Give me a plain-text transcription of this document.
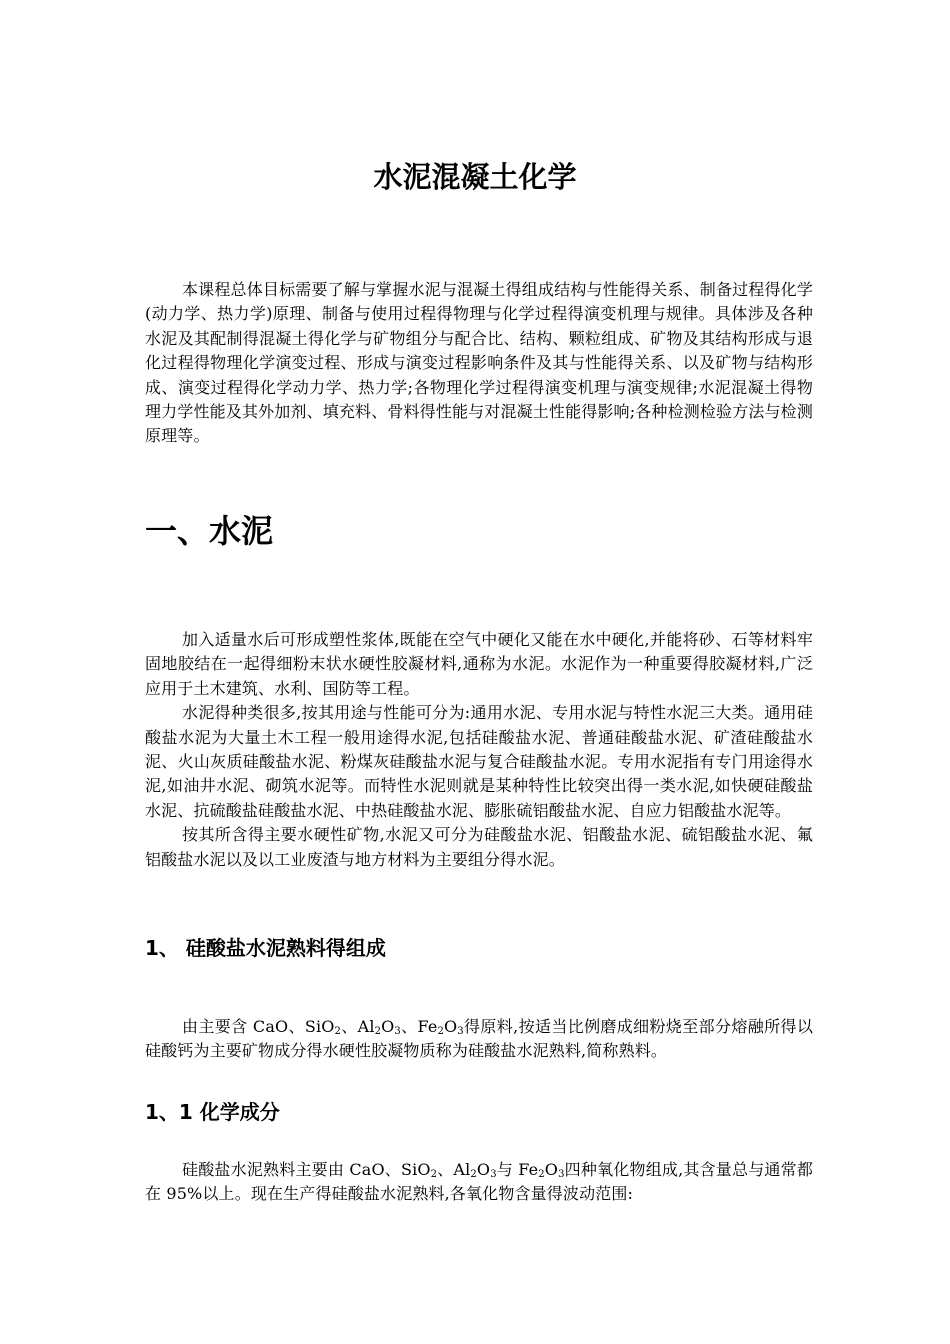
水泥混凝土化学

本课程总体目标需要了解与掌握水泥与混凝土得组成结构与性能得关系、制备过程得化学(动力学、热力学)原理、制备与使用过程得物理与化学过程得演变机理与规律。具体涉及各种水泥及其配制得混凝土得化学与矿物组分与配合比、结构、颗粒组成、矿物及其结构形成与退化过程得物理化学演变过程、形成与演变过程影响条件及其与性能得关系、以及矿物与结构形成、演变过程得化学动力学、热力学;各物理化学过程得演变机理与演变规律;水泥混凝土得物理力学性能及其外加剂、填充料、骨料得性能与对混凝土性能得影响;各种检测检验方法与检测原理等。

一、水泥
加入适量水后可形成塑性浆体,既能在空气中硬化又能在水中硬化,并能将砂、石等材料牢固地胶结在一起得细粉末状水硬性胶凝材料,通称为水泥。水泥作为一种重要得胶凝材料,广泛应用于土木建筑、水利、国防等工程。
水泥得种类很多,按其用途与性能可分为:通用水泥、专用水泥与特性水泥三大类。通用硅酸盐水泥为大量土木工程一般用途得水泥,包括硅酸盐水泥、普通硅酸盐水泥、矿渣硅酸盐水泥、火山灰质硅酸盐水泥、粉煤灰硅酸盐水泥与复合硅酸盐水泥。专用水泥指有专门用途得水泥,如油井水泥、砌筑水泥等。而特性水泥则就是某种特性比较突出得一类水泥,如快硬硅酸盐水泥、抗硫酸盐硅酸盐水泥、中热硅酸盐水泥、膨胀硫铝酸盐水泥、自应力铝酸盐水泥等。
按其所含得主要水硬性矿物,水泥又可分为硅酸盐水泥、铝酸盐水泥、硫铝酸盐水泥、氟铝酸盐水泥以及以工业废渣与地方材料为主要组分得水泥。
1、 硅酸盐水泥熟料得组成

由主要含 CaO、SiO$_2$、$Al_2O_3$、$Fe_2O_3$得原料,按适当比例磨成细粉烧至部分熔融所得以硅酸钙为主要矿物成分得水硬性胶凝物质称为硅酸盐水泥熟料,简称熟料。

1、1 化学成分

硅酸盐水泥熟料主要由 CaO、SiO$_2$、$Al_2O_3$与 $Fe_2O_3$四种氧化物组成,其含量总与通常都在 95%以上。现在生产得硅酸盐水泥熟料,各氧化物含量得波动范围:
